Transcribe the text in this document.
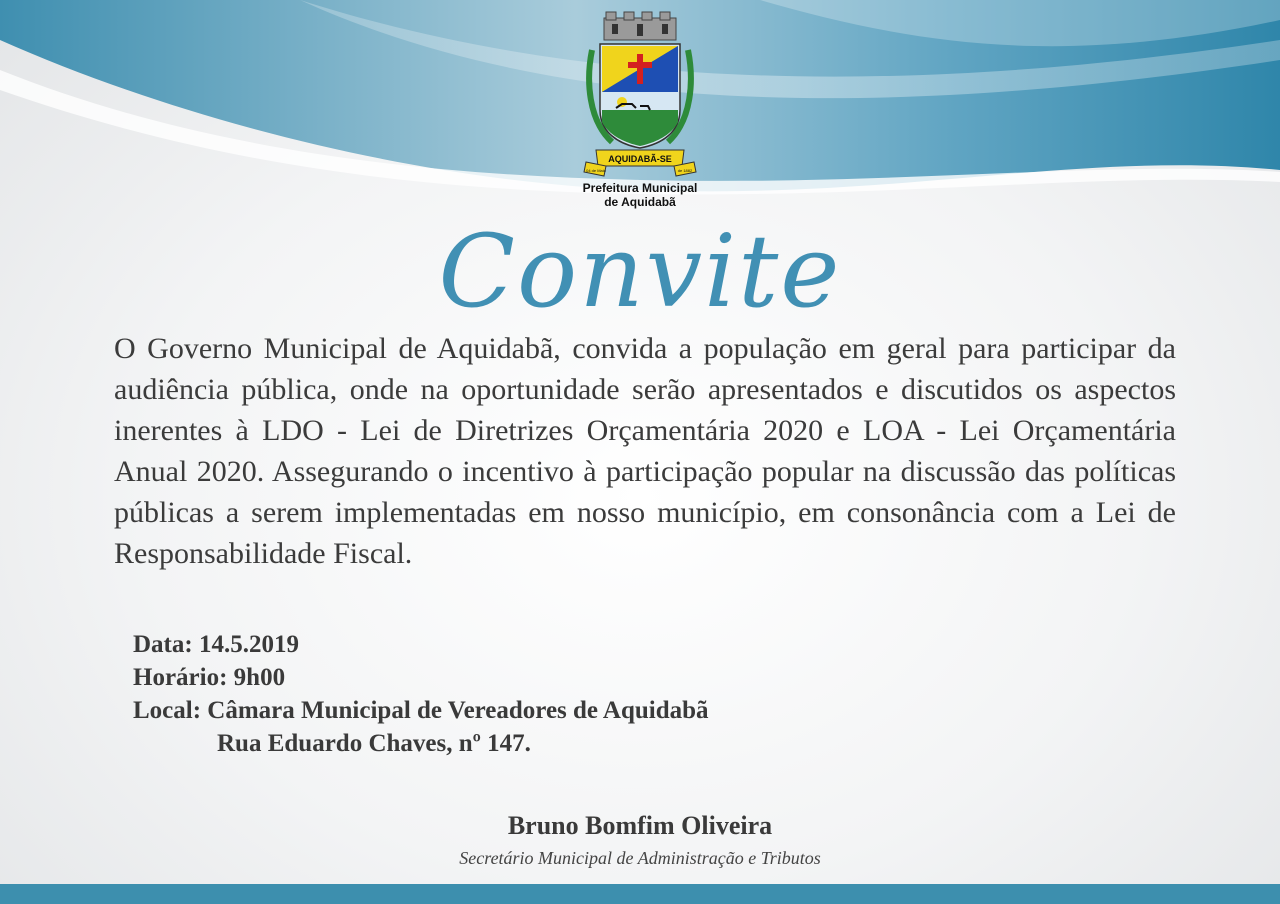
AQUIDABÃ-SE
04 de Maio	de 1882
Prefeitura Municipal
de Aquidabã
Convite

O Governo Municipal de Aquidabã, convida a população em geral para participar da audiência pública, onde na oportunidade serão apresentados e discutidos os aspectos inerentes à LDO - Lei de Diretrizes Orçamentária 2020 e LOA - Lei Orçamentária Anual 2020. Assegurando o incentivo à participação popular na discussão das políticas públicas a serem implementadas em nosso município, em consonância com a Lei de Responsabilidade Fiscal.

Data: 14.5.2019
Horário: 9h00
Local: Câmara Municipal de Vereadores de Aquidabã
Rua Eduardo Chaves, nº 147.
Bruno Bomfim Oliveira
Secretário Municipal de Administração e Tributos
